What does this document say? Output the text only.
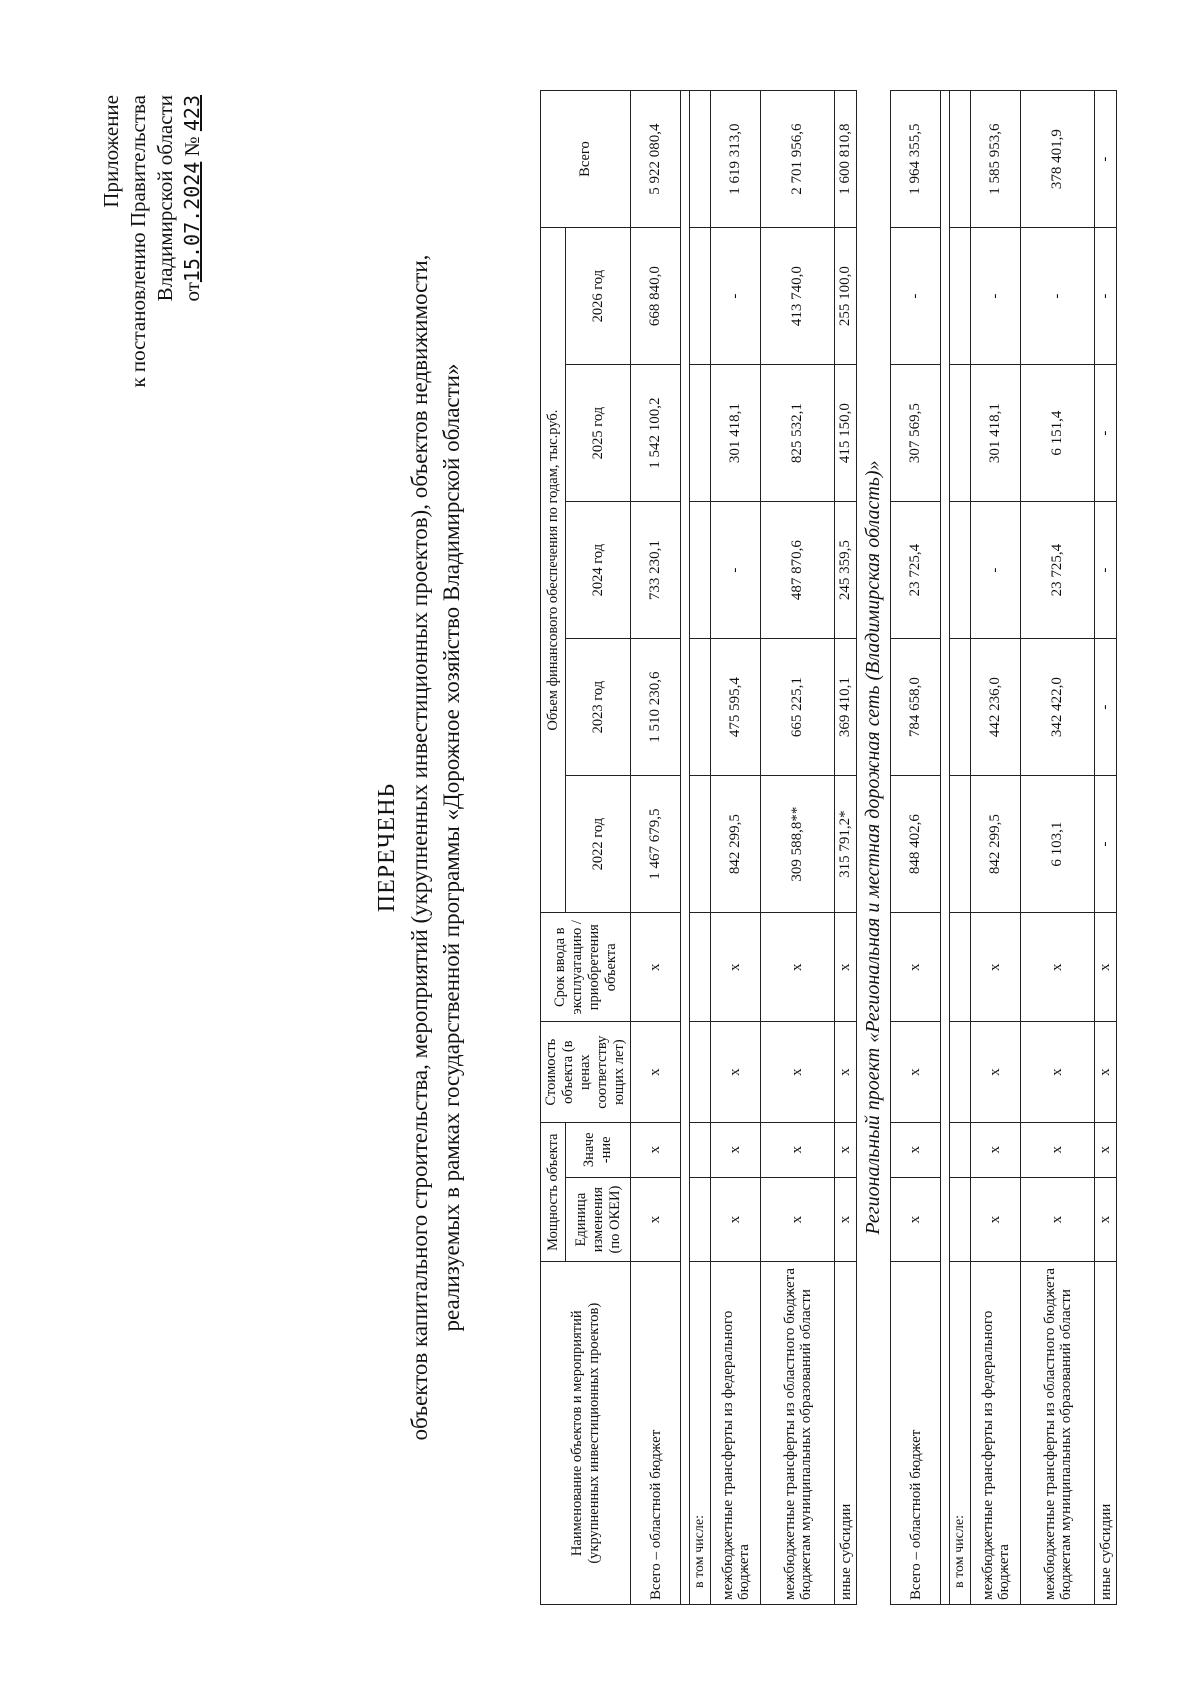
Приложение к постановлению Правительства Владимирской области от15.07.2024 № 423
ПЕРЕЧЕНЬ объектов капитального строительства, мероприятий (укрупненных инвестиционных проектов), объектов недвижимости, реализуемых в рамках государственной программы «Дорожное хозяйство Владимирской области»
Наименование объектов и мероприятий (укрупненных инвестиционных проектов)	Мощность объекта		Стоимость объекта (в ценах соответству ющих лет)	Срок ввода в эксплуатацию / приобретения объекта	Объем финансового обеспечения по годам, тыс.руб.					Всего
	Единица изменения (по ОКЕИ)	Значе -ние			2022 год	2023 год	2024 год	2025 год	2026 год	
Всего – областной бюджет	x	x	x	x	1 467 679,5	1 510 230,6	733 230,1	1 542 100,2	668 840,0	5 922 080,4

в том числе:										
межбюджетные трансферты из федерального бюджета	x	x	x	x	842 299,5	475 595,4	-	301 418,1	-	1 619 313,0
межбюджетные трансферты из областного бюджета бюджетам муниципальных образований области	x	x	x	x	309 588,8**	665 225,1	487 870,6	825 532,1	413 740,0	2 701 956,6
иные субсидии	x	x	x	x	315 791,2*	369 410,1	245 359,5	415 150,0	255 100,0	1 600 810,8
Региональный проект «Региональная и местная дорожная сеть (Владимирская область)»										
Всего – областной бюджет	x	x	x	x	848 402,6	784 658,0	23 725,4	307 569,5	-	1 964 355,5

в том числе:										
межбюджетные трансферты из федерального бюджета	x	x	x	x	842 299,5	442 236,0	-	301 418,1	-	1 585 953,6
межбюджетные трансферты из областного бюджета бюджетам муниципальных образований области	x	x	x	x	6 103,1	342 422,0	23 725,4	6 151,4	-	378 401,9
иные субсидии	x	x	x	x	-	-	-	-	-	-
